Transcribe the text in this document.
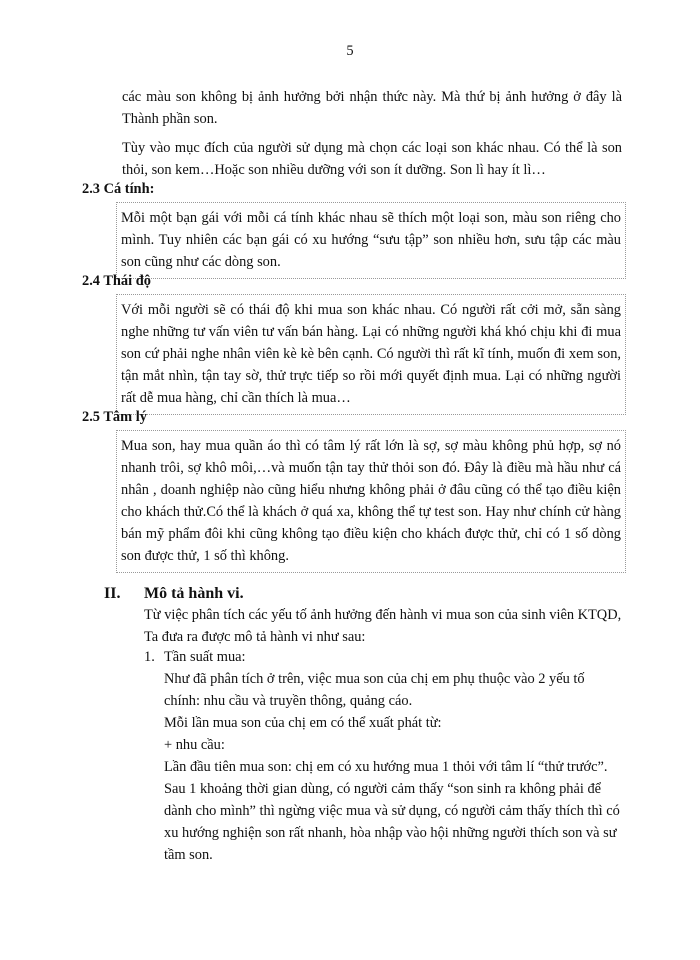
5

các màu son không bị ảnh hưởng bởi nhận thức này. Mà thứ bị ảnh hưởng ở đây là Thành phần son.

Tùy vào mục đích của người sử dụng mà chọn các loại son khác nhau. Có thể là son thỏi, son kem…Hoặc son nhiều dưỡng với son ít dưỡng. Son lì hay ít lì…

2.3 Cá tính:
Mỗi một bạn gái với mỗi cá tính khác nhau sẽ thích một loại son, màu son riêng cho mình. Tuy nhiên các bạn gái có xu hướng “sưu tập” son nhiều hơn, sưu tập các màu son cũng như các dòng son.
2.4 Thái độ
Với mỗi người sẽ có thái độ khi mua son khác nhau. Có người rất cởi mở, sẵn sàng nghe những tư vấn viên tư vấn bán hàng. Lại có những người khá khó chịu khi đi mua son cứ phải nghe nhân viên kè kè bên cạnh. Có người thì rất kĩ tính, muốn đi xem son, tận mắt nhìn, tận tay sờ, thử trực tiếp so rồi mới quyết định mua. Lại có những người rất dễ mua hàng, chỉ cần thích là mua…
2.5 Tâm lý
Mua son, hay mua quần áo thì có tâm lý rất lớn là sợ, sợ màu không phủ hợp, sợ nó nhanh trôi, sợ khô môi,…và muốn tận tay thử thỏi son đó. Đây là điều mà hầu như cá nhân , doanh nghiệp nào cũng hiểu nhưng không phải ở đâu cũng có thể tạo điều kiện cho khách thử.Có thể là khách ở quá xa, không thể tự test son. Hay như chính cử hàng bán mỹ phẩm đôi khi cũng không tạo điều kiện cho khách được thử, chỉ có 1 số dòng son được thử, 1 số thì không.
II. Mô tả hành vi.
Từ việc phân tích các yếu tố ảnh hưởng đến hành vi mua son của sinh viên KTQD, Ta đưa ra được mô tả hành vi như sau:
1. Tần suất mua:
Như đã phân tích ở trên, việc mua son của chị em phụ thuộc vào 2 yếu tố chính: nhu cầu và truyền thông, quảng cáo.
Mỗi lần mua son của chị em có thể xuất phát từ:
+ nhu cầu:
Lần đầu tiên mua son: chị em có xu hướng mua 1 thỏi với tâm lí “thử trước”. Sau 1 khoảng thời gian dùng, có người cảm thấy “son sinh ra không phải để dành cho mình” thì ngừng việc mua và sử dụng, có người cảm thấy thích thì có xu hướng nghiện son rất nhanh, hòa nhập vào hội những người thích son và sư tầm son.
